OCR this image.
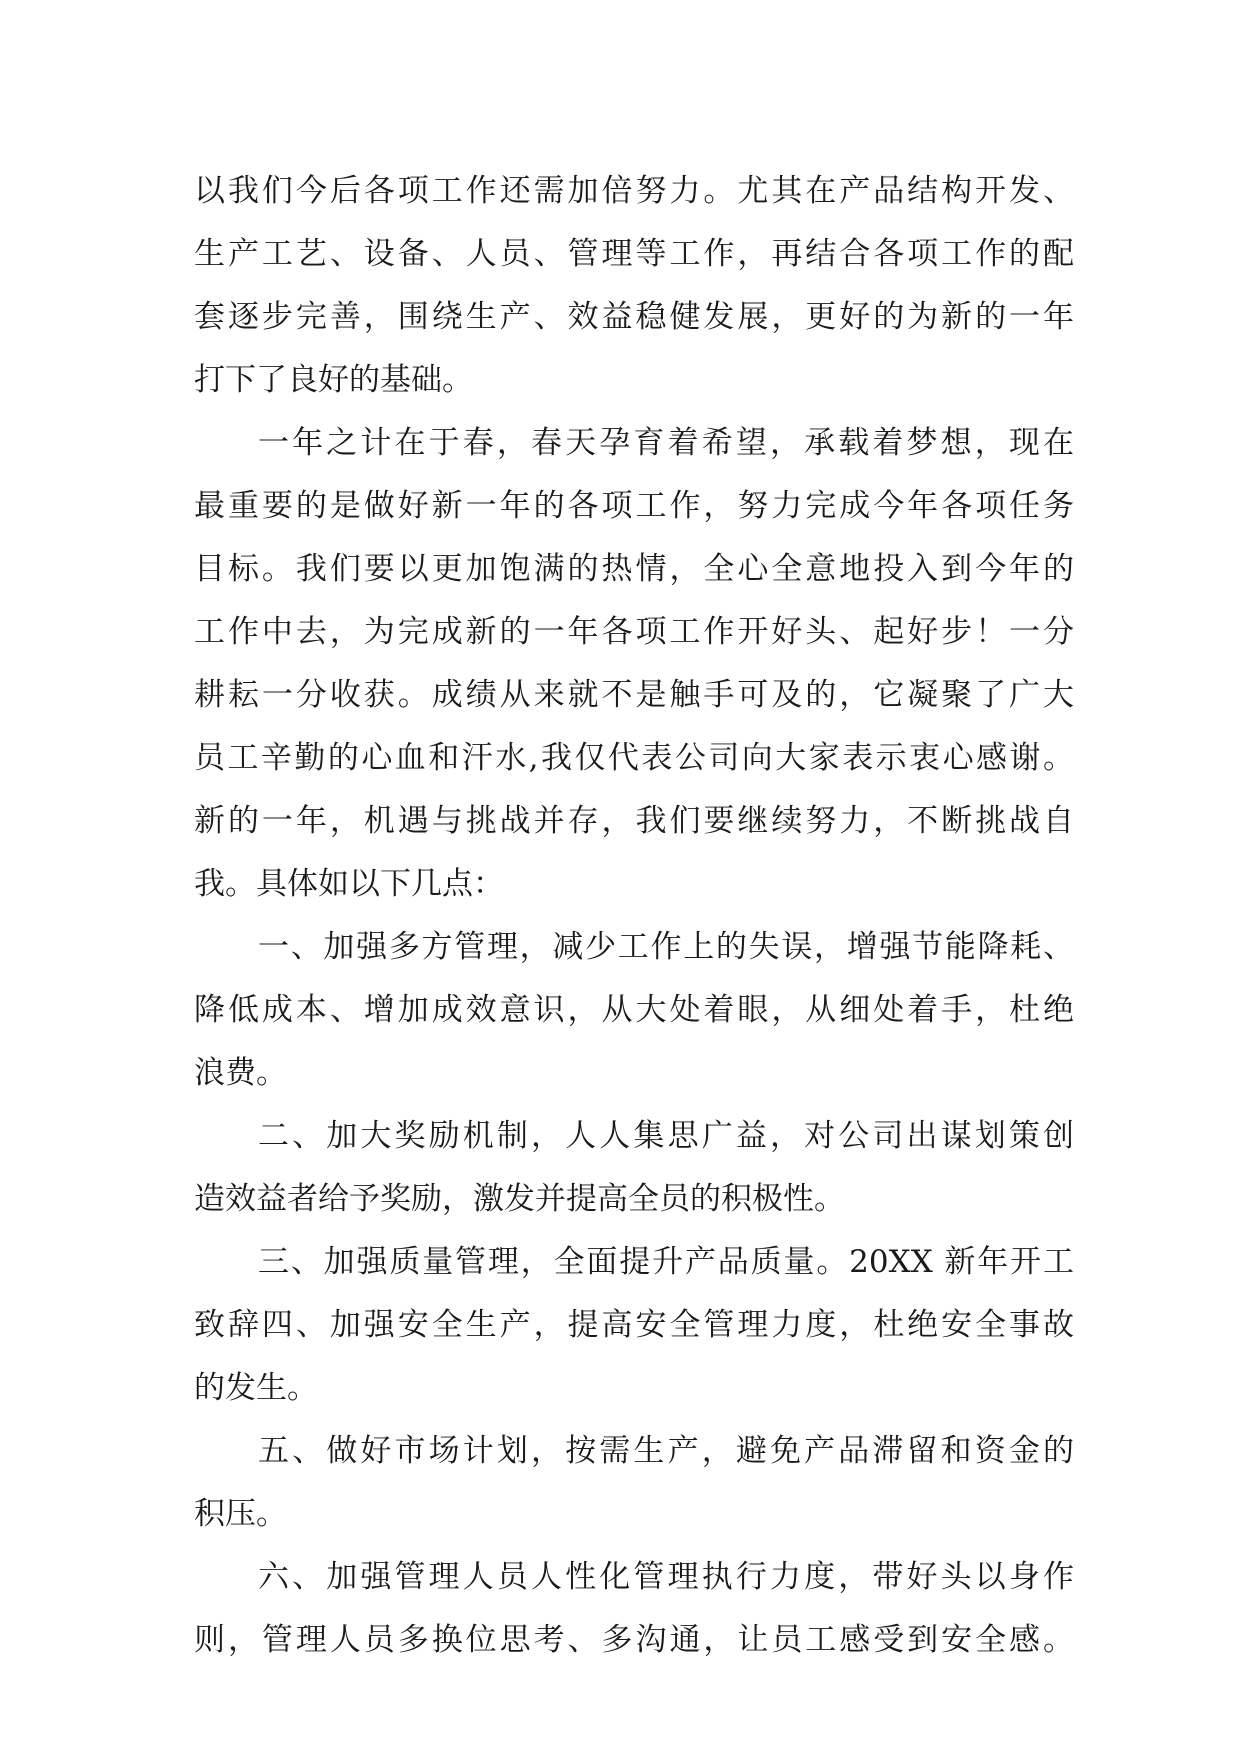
以我们今后各项工作还需加倍努力。尤其在产品结构开发、
生产工艺、设备、人员、管理等工作，再结合各项工作的配
套逐步完善，围绕生产、效益稳健发展，更好的为新的一年
打下了良好的基础。
一年之计在于春，春天孕育着希望，承载着梦想，现在
最重要的是做好新一年的各项工作，努力完成今年各项任务
目标。我们要以更加饱满的热情，全心全意地投入到今年的
工作中去，为完成新的一年各项工作开好头、起好步！一分
耕耘一分收获。成绩从来就不是触手可及的，它凝聚了广大
员工辛勤的心血和汗水,我仅代表公司向大家表示衷心感谢。
新的一年，机遇与挑战并存，我们要继续努力，不断挑战自
我。具体如以下几点：
一、加强多方管理，减少工作上的失误，增强节能降耗、
降低成本、增加成效意识，从大处着眼，从细处着手，杜绝
浪费。
二、加大奖励机制，人人集思广益，对公司出谋划策创
造效益者给予奖励，激发并提高全员的积极性。
三、加强质量管理，全面提升产品质量。20XX 新年开工
致辞四、加强安全生产，提高安全管理力度，杜绝安全事故
的发生。
五、做好市场计划，按需生产，避免产品滞留和资金的
积压。
六、加强管理人员人性化管理执行力度，带好头以身作
则，管理人员多换位思考、多沟通，让员工感受到安全感。
